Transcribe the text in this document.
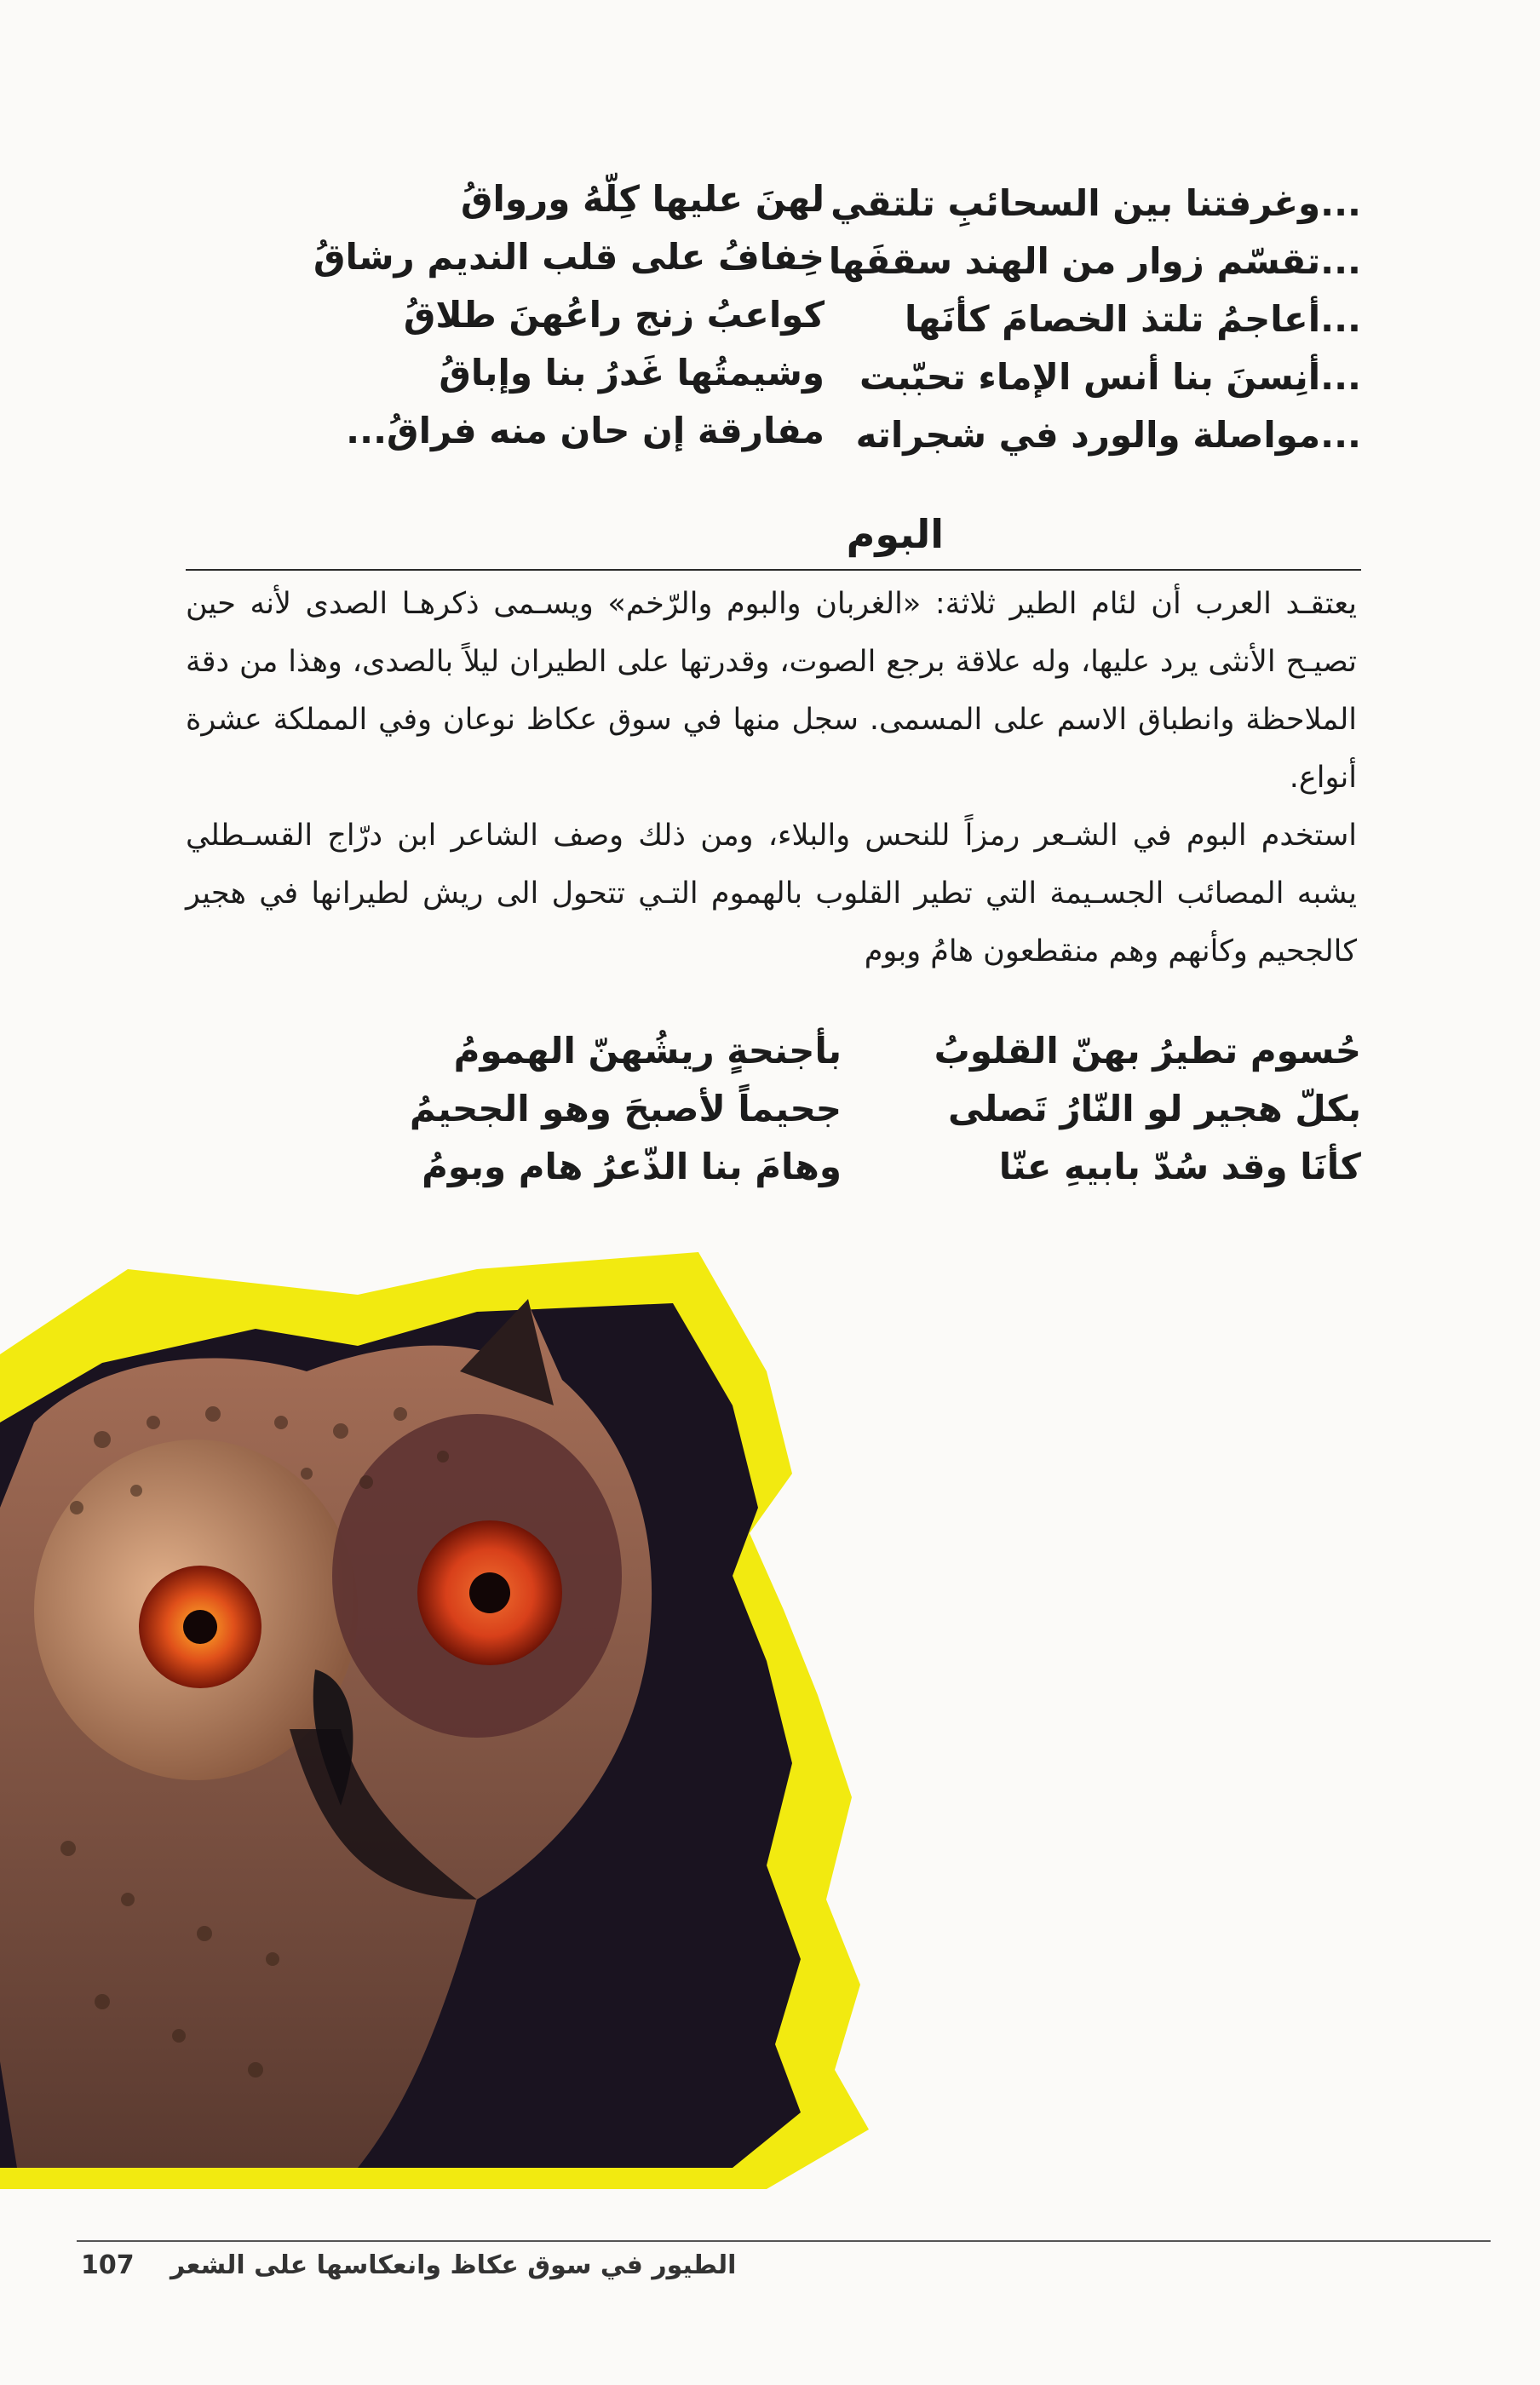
...وغرفتنا بين السحائبِ تلتقي
...تقسّم زوار من الهند سقفَها
...أعاجمُ تلتذ الخصامَ كأنَها
...أنِسنَ بنا أنس الإماء تحبّبت
...مواصلة والورد في شجراته
لهنَ عليها كِلّهُ ورواقُ
خِفافُ على قلب النديم رشاقُ
كواعبُ زنج راعُهنَ طلاقُ
وشيمتُها غَدرُ بنا وإباقُ
مفارقة إن حان منه فراقُ...
البوم

يعتقـد العرب أن لئام الطير ثلاثة: «الغربان والبوم والرّخم» ويسـمى ذكرهـا الصدى لأنه حين تصيـح الأنثى يرد عليها، وله علاقة برجع الصوت، وقدرتها على الطيران ليلاً بالصدى، وهذا من دقة الملاحظة وانطباق الاسم على المسمى. سجل منها في سوق عكاظ نوعان وفي المملكة عشرة أنواع.

استخدم البوم في الشـعر رمزاً للنحس والبلاء، ومن ذلك وصف الشاعر ابن درّاج القسـطلي يشبه المصائب الجسـيمة التي تطير القلوب بالهموم التـي تتحول الى ريش لطيرانها في هجير كالجحيم وكأنهم وهم منقطعون هامُ وبوم

حُسوم تطيرُ بهنّ القلوبُ
بكلّ هجير لو النّارُ تَصلى
كأنَا وقد سُدّ بابيهِ عنّا
بأجنحةٍ ريشُهنّ الهمومُ
جحيماً لأصبحَ وهو الجحيمُ
وهامَ بنا الذّعرُ هام وبومُ
الطيور في سوق عكاظ وانعكاسها على الشعر
107
